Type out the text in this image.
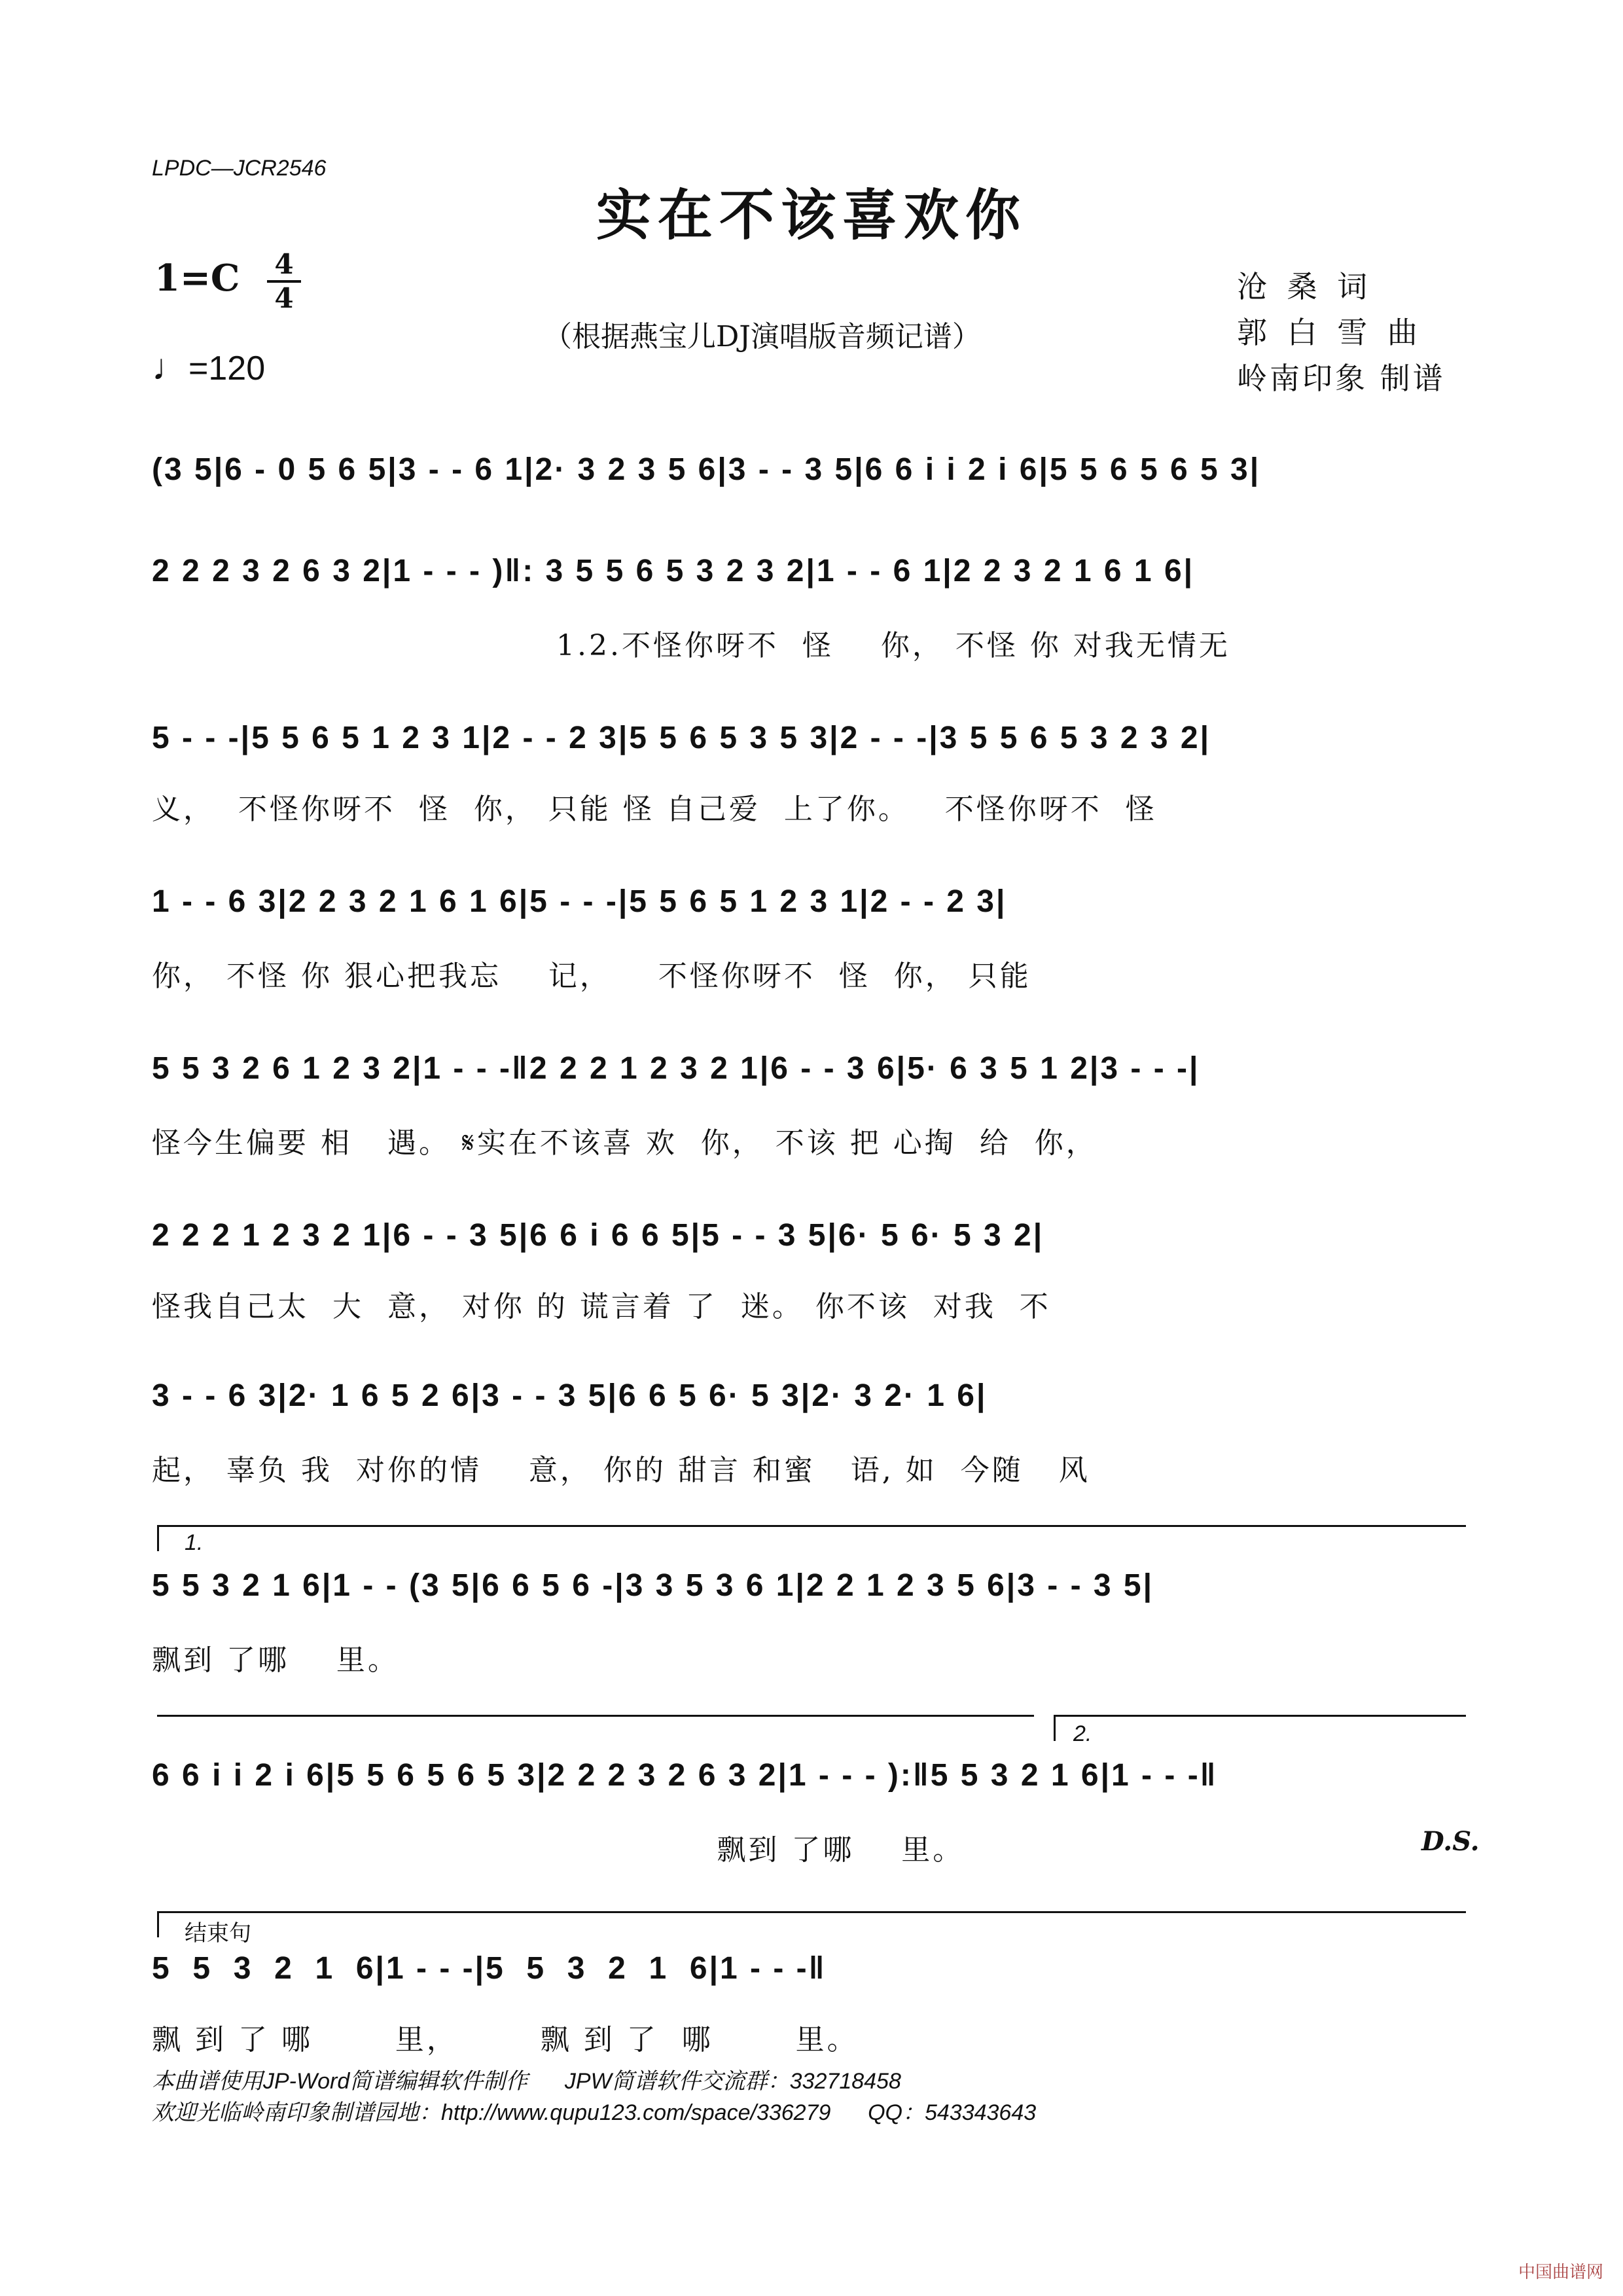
LPDC—JCR2546
实在不该喜欢你
1=C 4
4
♩=120
（根据燕宝儿DJ演唱版音频记谱）
沧 桑 词
郭 白 雪 曲
岭南印象 制谱
(3 5|6 - 0 5 6 5|3 - - 6 1|2· 3 2 3 5 6|3 - - 3 5|6 6 i i 2 i 6|5 5 6 5 6 5 3|
2 2 2 3 2 6 3 2|1 - - - )‖: 3 5 5 6 5 3 2 3 2|1 - - 6 1|2 2 3 2 1 6 1 6|
1.2.不怪你呀不  怪    你， 不怪 你 对我无情无
5 - - -|5 5 6 5 1 2 3 1|2 - - 2 3|5 5 6 5 3 5 3|2 - - -|3 5 5 6 5 3 2 3 2|
义，  不怪你呀不  怪  你， 只能 怪 自己爱  上了你。   不怪你呀不  怪
1 - - 6 3|2 2 3 2 1 6 1 6|5 - - -|5 5 6 5 1 2 3 1|2 - - 2 3|
你， 不怪 你 狠心把我忘    记，    不怪你呀不  怪  你， 只能
5 5 3 2 6 1 2 3 2|1 - - -‖2 2 2 1 2 3 2 1|6 - - 3 6|5· 6 3 5 1 2|3 - - -|
怪今生偏要 相   遇。 𝄋实在不该喜 欢  你， 不该 把 心掏  给  你，
2 2 2 1 2 3 2 1|6 - - 3 5|6 6 i 6 6 5|5 - - 3 5|6· 5 6· 5 3 2|
怪我自己太  大  意， 对你 的 谎言着 了  迷。 你不该  对我  不
3 - - 6 3|2· 1 6 5 2 6|3 - - 3 5|6 6 5 6· 5 3|2· 3 2· 1 6|
起， 辜负 我  对你的情    意， 你的 甜言 和蜜   语, 如  今随   风
1.
5 5 3 2 1 6|1 - - (3 5|6 6 5 6 -|3 3 5 3 6 1|2 2 1 2 3 5 6|3 - - 3 5|
飘到 了哪    里。
2.
6 6 i i 2 i 6|5 5 6 5 6 5 3|2 2 2 3 2 6 3 2|1 - - - ):‖5 5 3 2 1 6|1 - - -‖
飘到 了哪    里。	D.S.
结束句
5  5  3  2  1  6|1 - - -|5  5  3  2  1  6|1 - - -‖
飘 到 了 哪       里，       飘 到 了  哪       里。
本曲谱使用JP-Word简谱编辑软件制作      JPW简谱软件交流群：332718458
欢迎光临岭南印象制谱园地：http://www.qupu123.com/space/336279      QQ：543343643
中国曲谱网
